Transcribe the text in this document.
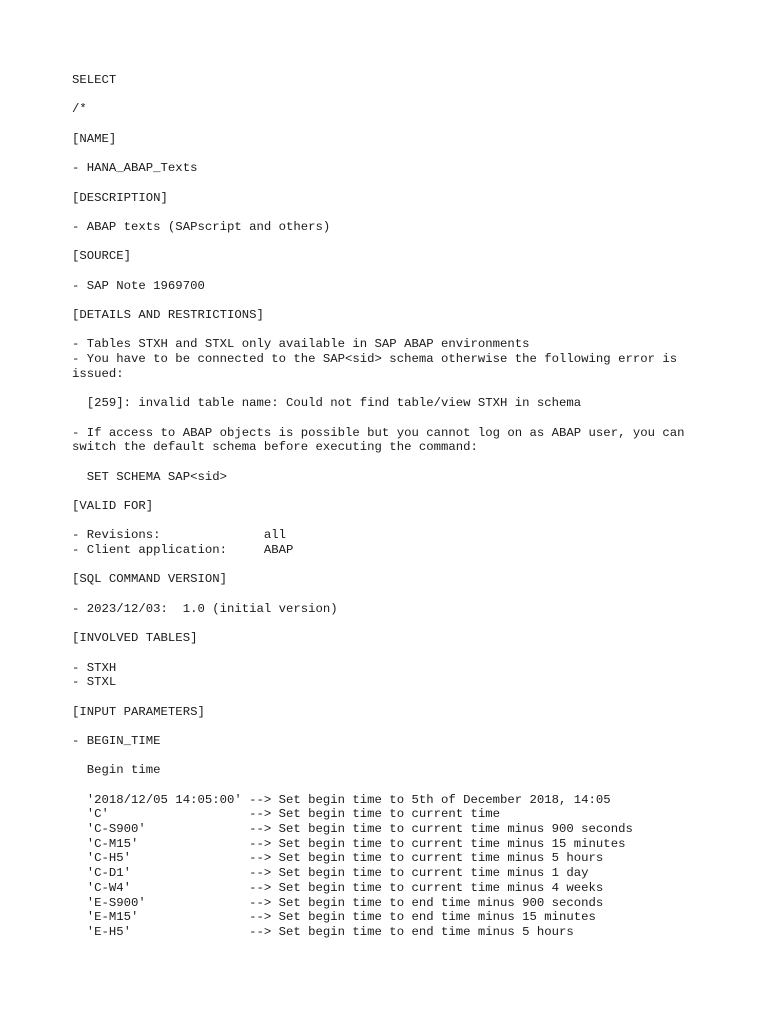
SELECT
/*
[NAME]
- HANA_ABAP_Texts
[DESCRIPTION]
- ABAP texts (SAPscript and others)
[SOURCE]
- SAP Note 1969700
[DETAILS AND RESTRICTIONS]
- Tables STXH and STXL only available in SAP ABAP environments
- You have to be connected to the SAP<sid> schema otherwise the following error is
issued:
[259]: invalid table name: Could not find table/view STXH in schema
- If access to ABAP objects is possible but you cannot log on as ABAP user, you can
switch the default schema before executing the command:
SET SCHEMA SAP<sid>
[VALID FOR]
- Revisions:              all
- Client application:     ABAP
[SQL COMMAND VERSION]
- 2023/12/03:  1.0 (initial version)
[INVOLVED TABLES]
- STXH
- STXL
[INPUT PARAMETERS]
- BEGIN_TIME
Begin time
'2018/12/05 14:05:00' --> Set begin time to 5th of December 2018, 14:05
'C'                   --> Set begin time to current time
'C-S900'              --> Set begin time to current time minus 900 seconds
'C-M15'               --> Set begin time to current time minus 15 minutes
'C-H5'                --> Set begin time to current time minus 5 hours
'C-D1'                --> Set begin time to current time minus 1 day
'C-W4'                --> Set begin time to current time minus 4 weeks
'E-S900'              --> Set begin time to end time minus 900 seconds
'E-M15'               --> Set begin time to end time minus 15 minutes
'E-H5'                --> Set begin time to end time minus 5 hours
